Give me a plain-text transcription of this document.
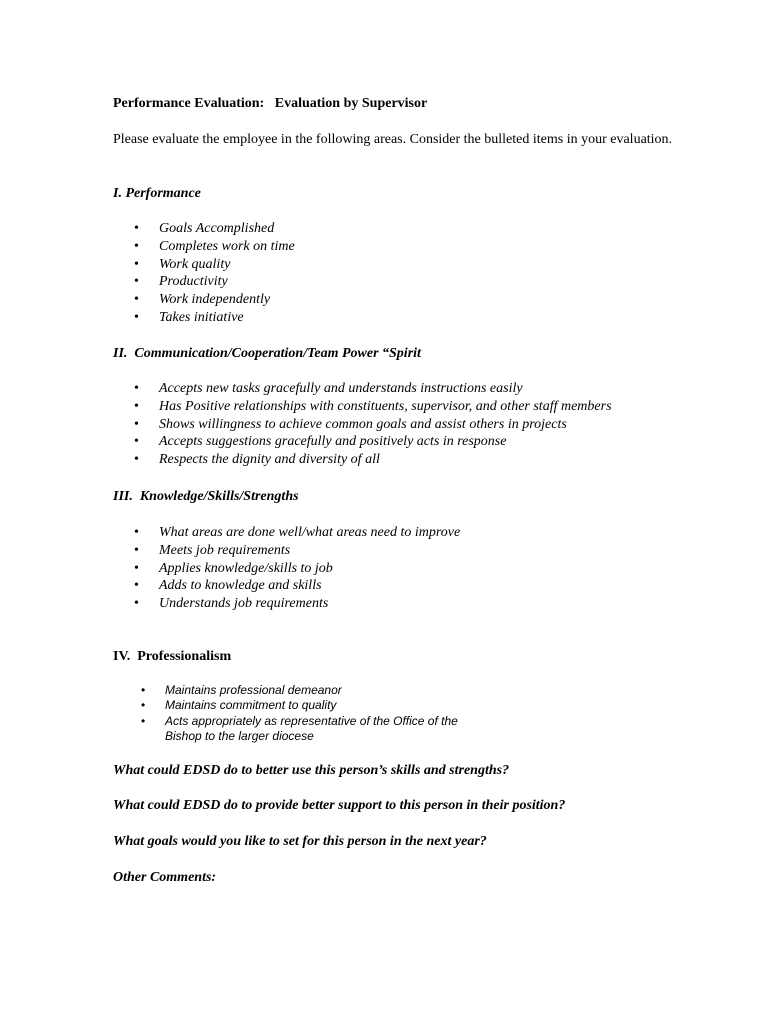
Performance Evaluation:   Evaluation by Supervisor

Please evaluate the employee in the following areas. Consider the bulleted items in your evaluation.

I. Performance

• Goals Accomplished
• Completes work on time
• Work quality
• Productivity
• Work independently
• Takes initiative

II.  Communication/Cooperation/Team Power “Spirit

• Accepts new tasks gracefully and understands instructions easily
• Has Positive relationships with constituents, supervisor, and other staff members
• Shows willingness to achieve common goals and assist others in projects
• Accepts suggestions gracefully and positively acts in response
• Respects the dignity and diversity of all

III.  Knowledge/Skills/Strengths

• What areas are done well/what areas need to improve
• Meets job requirements
• Applies knowledge/skills to job
• Adds to knowledge and skills
• Understands job requirements

IV.  Professionalism

• Maintains professional demeanor
• Maintains commitment to quality
• Acts appropriately as representative of the Office of the Bishop to the larger diocese

What could EDSD do to better use this person’s skills and strengths?

What could EDSD do to provide better support to this person in their position?

What goals would you like to set for this person in the next year?

Other Comments:
